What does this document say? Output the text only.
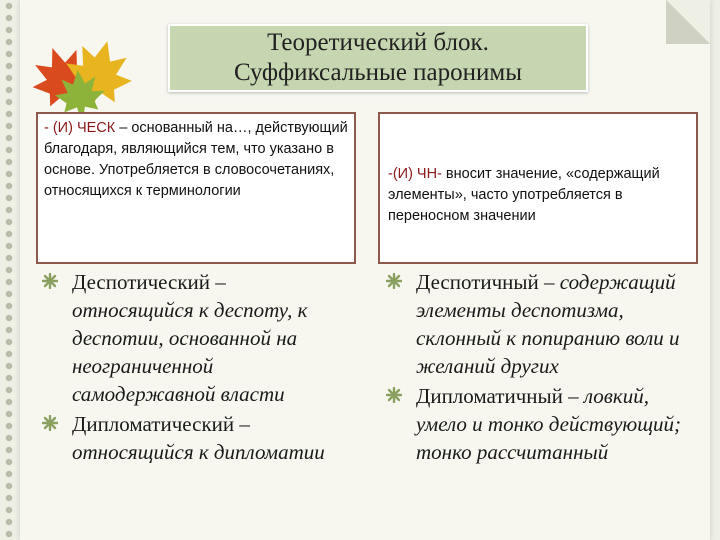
Теоретический блок.
Суффиксальные паронимы
- (И) ЧЕСК – основанный на…, действующий благодаря, являющийся тем, что указано в основе. Употребляется в словосочетаниях, относящихся к терминологии
-(И) ЧН- вносит значение, «содержащий элементы», часто употребляется в переносном значении
Деспотический – относящийся к деспоту, к деспотии, основанной на неограниченной самодержавной власти
Дипломатический – относящийся к дипломатии
Деспотичный – содержащий элементы деспотизма, склонный к попиранию воли и желаний других
Дипломатичный – ловкий, умело и тонко действующий; тонко рассчитанный
